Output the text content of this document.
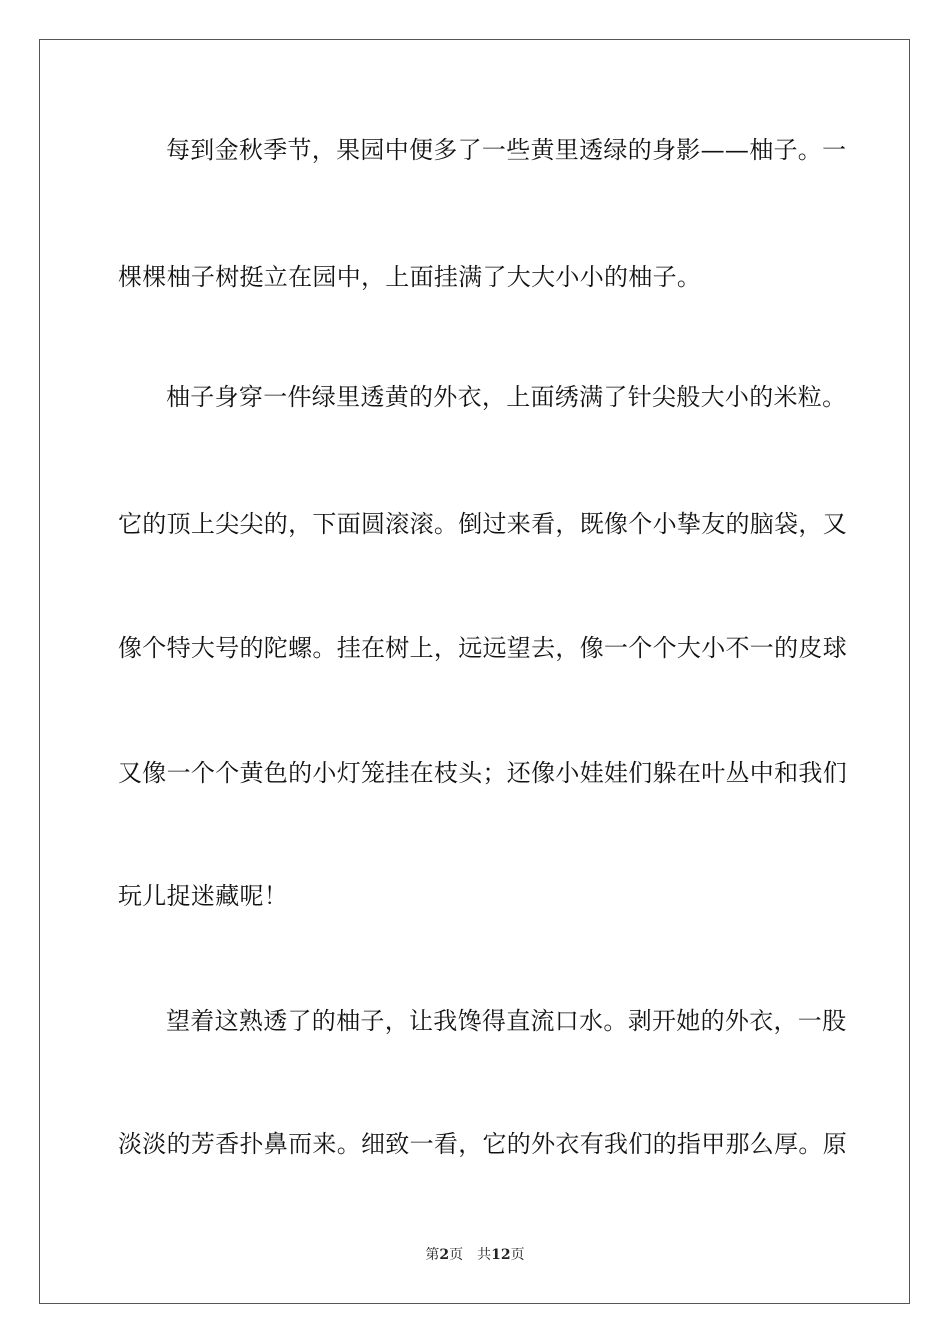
每到金秋季节，果园中便多了一些黄里透绿的身影——柚子。一
棵棵柚子树挺立在园中，上面挂满了大大小小的柚子。
柚子身穿一件绿里透黄的外衣，上面绣满了针尖般大小的米粒。
它的顶上尖尖的，下面圆滚滚。倒过来看，既像个小挚友的脑袋，又
像个特大号的陀螺。挂在树上，远远望去，像一个个大小不一的皮球
又像一个个黄色的小灯笼挂在枝头；还像小娃娃们躲在叶丛中和我们
玩儿捉迷藏呢！
望着这熟透了的柚子，让我馋得直流口水。剥开她的外衣，一股
淡淡的芳香扑鼻而来。细致一看，它的外衣有我们的指甲那么厚。原
第2页 共12页
